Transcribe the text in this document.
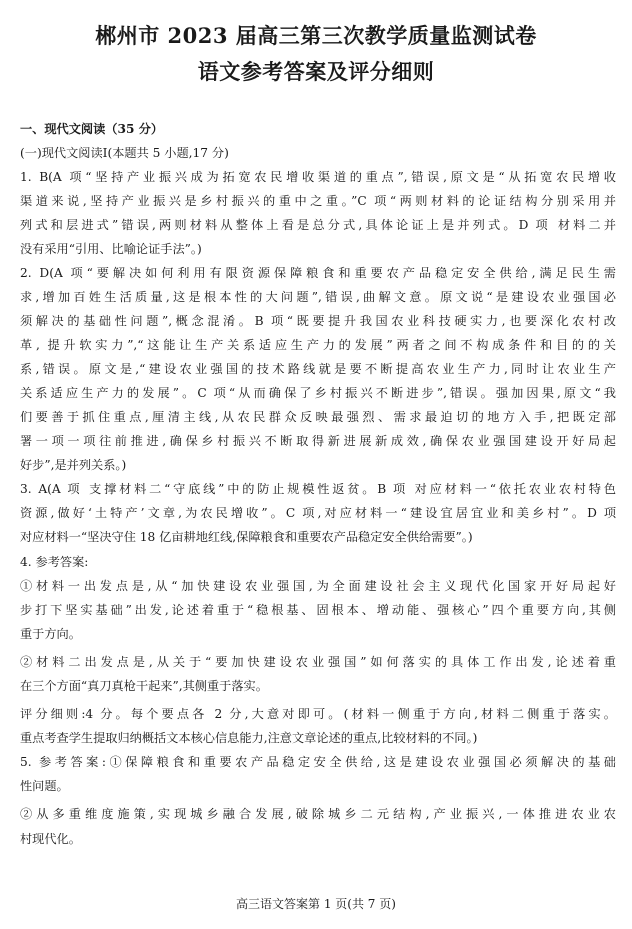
郴州市 2023 届高三第三次教学质量监测试卷
语文参考答案及评分细则
一、现代文阅读（35 分）
(一)现代文阅读Ⅰ(本题共 5 小题,17 分)
1. B(A 项“坚持产业振兴成为拓宽农民增收渠道的重点”,错误,原文是“从拓宽农民增收
渠道来说,坚持产业振兴是乡村振兴的重中之重。”C 项“两则材料的论证结构分别采用并
列式和层进式”错误,两则材料从整体上看是总分式,具体论证上是并列式。D 项 材料二并
没有采用“引用、比喻论证手法”。)
2. D(A 项“要解决如何利用有限资源保障粮食和重要农产品稳定安全供给,满足民生需
求,增加百姓生活质量,这是根本性的大问题”,错误,曲解文意。原文说“是建设农业强国必
须解决的基础性问题”,概念混淆。B 项“既要提升我国农业科技硬实力,也要深化农村改
革, 提升软实力”,“这能让生产关系适应生产力的发展”两者之间不构成条件和目的的关
系,错误。原文是,“建设农业强国的技术路线就是要不断提高农业生产力,同时让农业生产
关系适应生产力的发展”。C 项“从而确保了乡村振兴不断进步”,错误。强加因果,原文“我
们要善于抓住重点,厘清主线,从农民群众反映最强烈、需求最迫切的地方入手,把既定部
署一项一项往前推进,确保乡村振兴不断取得新进展新成效,确保农业强国建设开好局起
好步”,是并列关系。)
3. A(A 项 支撑材料二“守底线”中的防止规模性返贫。B 项 对应材料一“依托农业农村特色
资源,做好‘土特产’文章,为农民增收”。C 项,对应材料一“建设宜居宜业和美乡村”。D 项
对应材料一“坚决守住 18 亿亩耕地红线,保障粮食和重要农产品稳定安全供给需要”。)
4. 参考答案:
①材料一出发点是,从“加快建设农业强国,为全面建设社会主义现代化国家开好局起好
步打下坚实基础”出发,论述着重于“稳根基、固根本、增动能、强核心”四个重要方向,其侧
重于方向。
②材料二出发点是,从关于“要加快建设农业强国”如何落实的具体工作出发,论述着重
在三个方面“真刀真枪干起来”,其侧重于落实。
评分细则:4 分。每个要点各 2 分,大意对即可。(材料一侧重于方向,材料二侧重于落实。
重点考查学生提取归纳概括文本核心信息能力,注意文章论述的重点,比较材料的不同。)
5. 参考答案:①保障粮食和重要农产品稳定安全供给,这是建设农业强国必须解决的基础
性问题。
②从多重维度施策,实现城乡融合发展,破除城乡二元结构,产业振兴,一体推进农业农
村现代化。
高三语文答案第 1 页(共 7 页)
